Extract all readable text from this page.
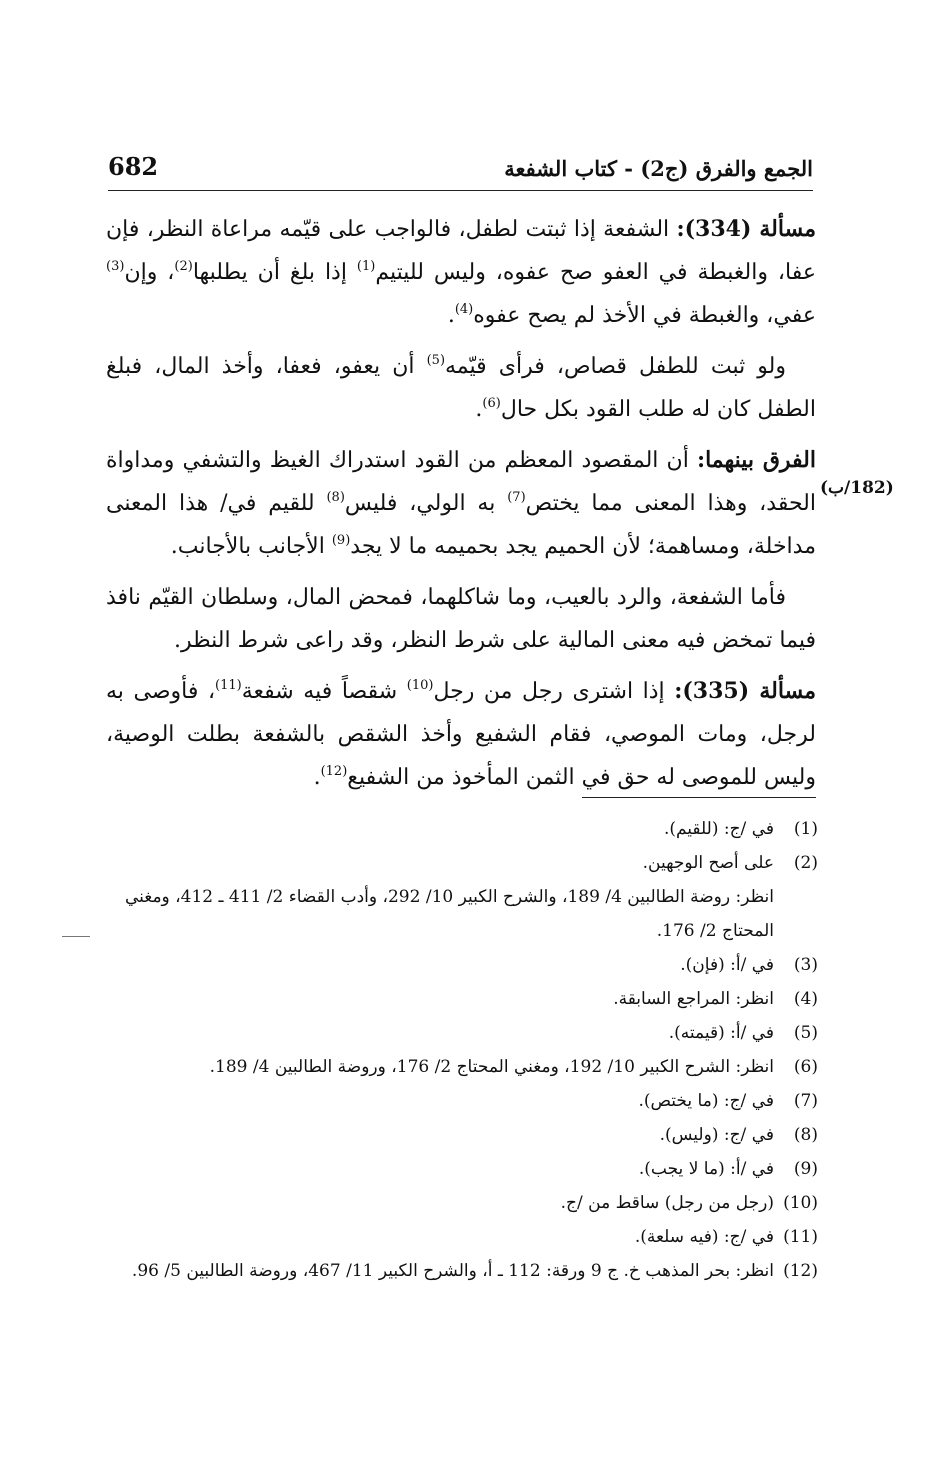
الجمع والفرق (ج2) - كتاب الشفعة
682
(182/ب)

مسألة (334): الشفعة إذا ثبتت لطفل، فالواجب على قيّمه مراعاة النظر، فإن عفا، والغبطة في العفو صح عفوه، وليس لليتيم$^{(1)}$ إذا بلغ أن يطلبها$^{(2)}$، وإن$^{(3)}$ عفي، والغبطة في الأخذ لم يصح عفوه$^{(4)}$.

ولو ثبت للطفل قصاص، فرأى قيّمه$^{(5)}$ أن يعفو، فعفا، وأخذ المال، فبلغ الطفل كان له طلب القود بكل حال$^{(6)}$.

الفرق بينهما: أن المقصود المعظم من القود استدراك الغيظ والتشفي ومداواة الحقد، وهذا المعنى مما يختص$^{(7)}$ به الولي، فليس$^{(8)}$ للقيم في/ هذا المعنى مداخلة، ومساهمة؛ لأن الحميم يجد بحميمه ما لا يجد$^{(9)}$ الأجانب بالأجانب.

فأما الشفعة، والرد بالعيب، وما شاكلهما، فمحض المال، وسلطان القيّم نافذ فيما تمخض فيه معنى المالية على شرط النظر، وقد راعى شرط النظر.

مسألة (335): إذا اشترى رجل من رجل$^{(10)}$ شقصاً فيه شفعة$^{(11)}$، فأوصى به لرجل، ومات الموصي، فقام الشفيع وأخذ الشقص بالشفعة بطلت الوصية، وليس للموصى له حق في الثمن المأخوذ من الشفيع$^{(12)}$.

(1)
في /ج: (للقيم).
(2)
على أصح الوجهين.
انظر: روضة الطالبين 4/ 189، والشرح الكبير 10/ 292، وأدب القضاء 2/ 411 ـ 412، ومغني المحتاج 2/ 176.
(3)
في /أ: (فإن).
(4)
انظر: المراجع السابقة.
(5)
في /أ: (قيمته).
(6)
انظر: الشرح الكبير 10/ 192، ومغني المحتاج 2/ 176، وروضة الطالبين 4/ 189.
(7)
في /ج: (ما يختص).
(8)
في /ج: (وليس).
(9)
في /أ: (ما لا يجب).
(10)
(رجل من رجل) ساقط من /ج.
(11)
في /ج: (فيه سلعة).
(12)
انظر: بحر المذهب خ. ج 9 ورقة: 112 ـ أ، والشرح الكبير 11/ 467، وروضة الطالبين 5/ 96.
